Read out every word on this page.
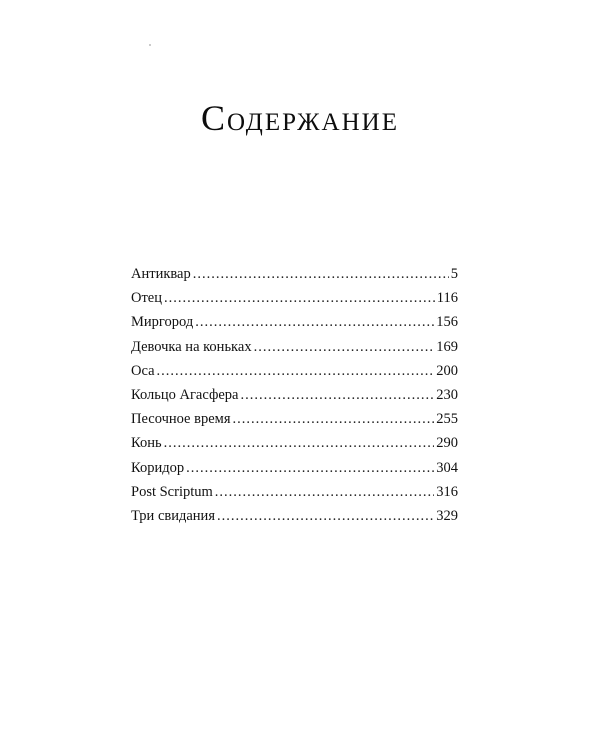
Содержание
Антиквар .....	5
Отец .....	116
Миргород .....	156
Девочка на коньках .....	169
Оса .....	200
Кольцо Агасфера .....	230
Песочное время .....	255
Конь .....	290
Коридор .....	304
Post Scriptum .....	316
Три свидания .....	329
